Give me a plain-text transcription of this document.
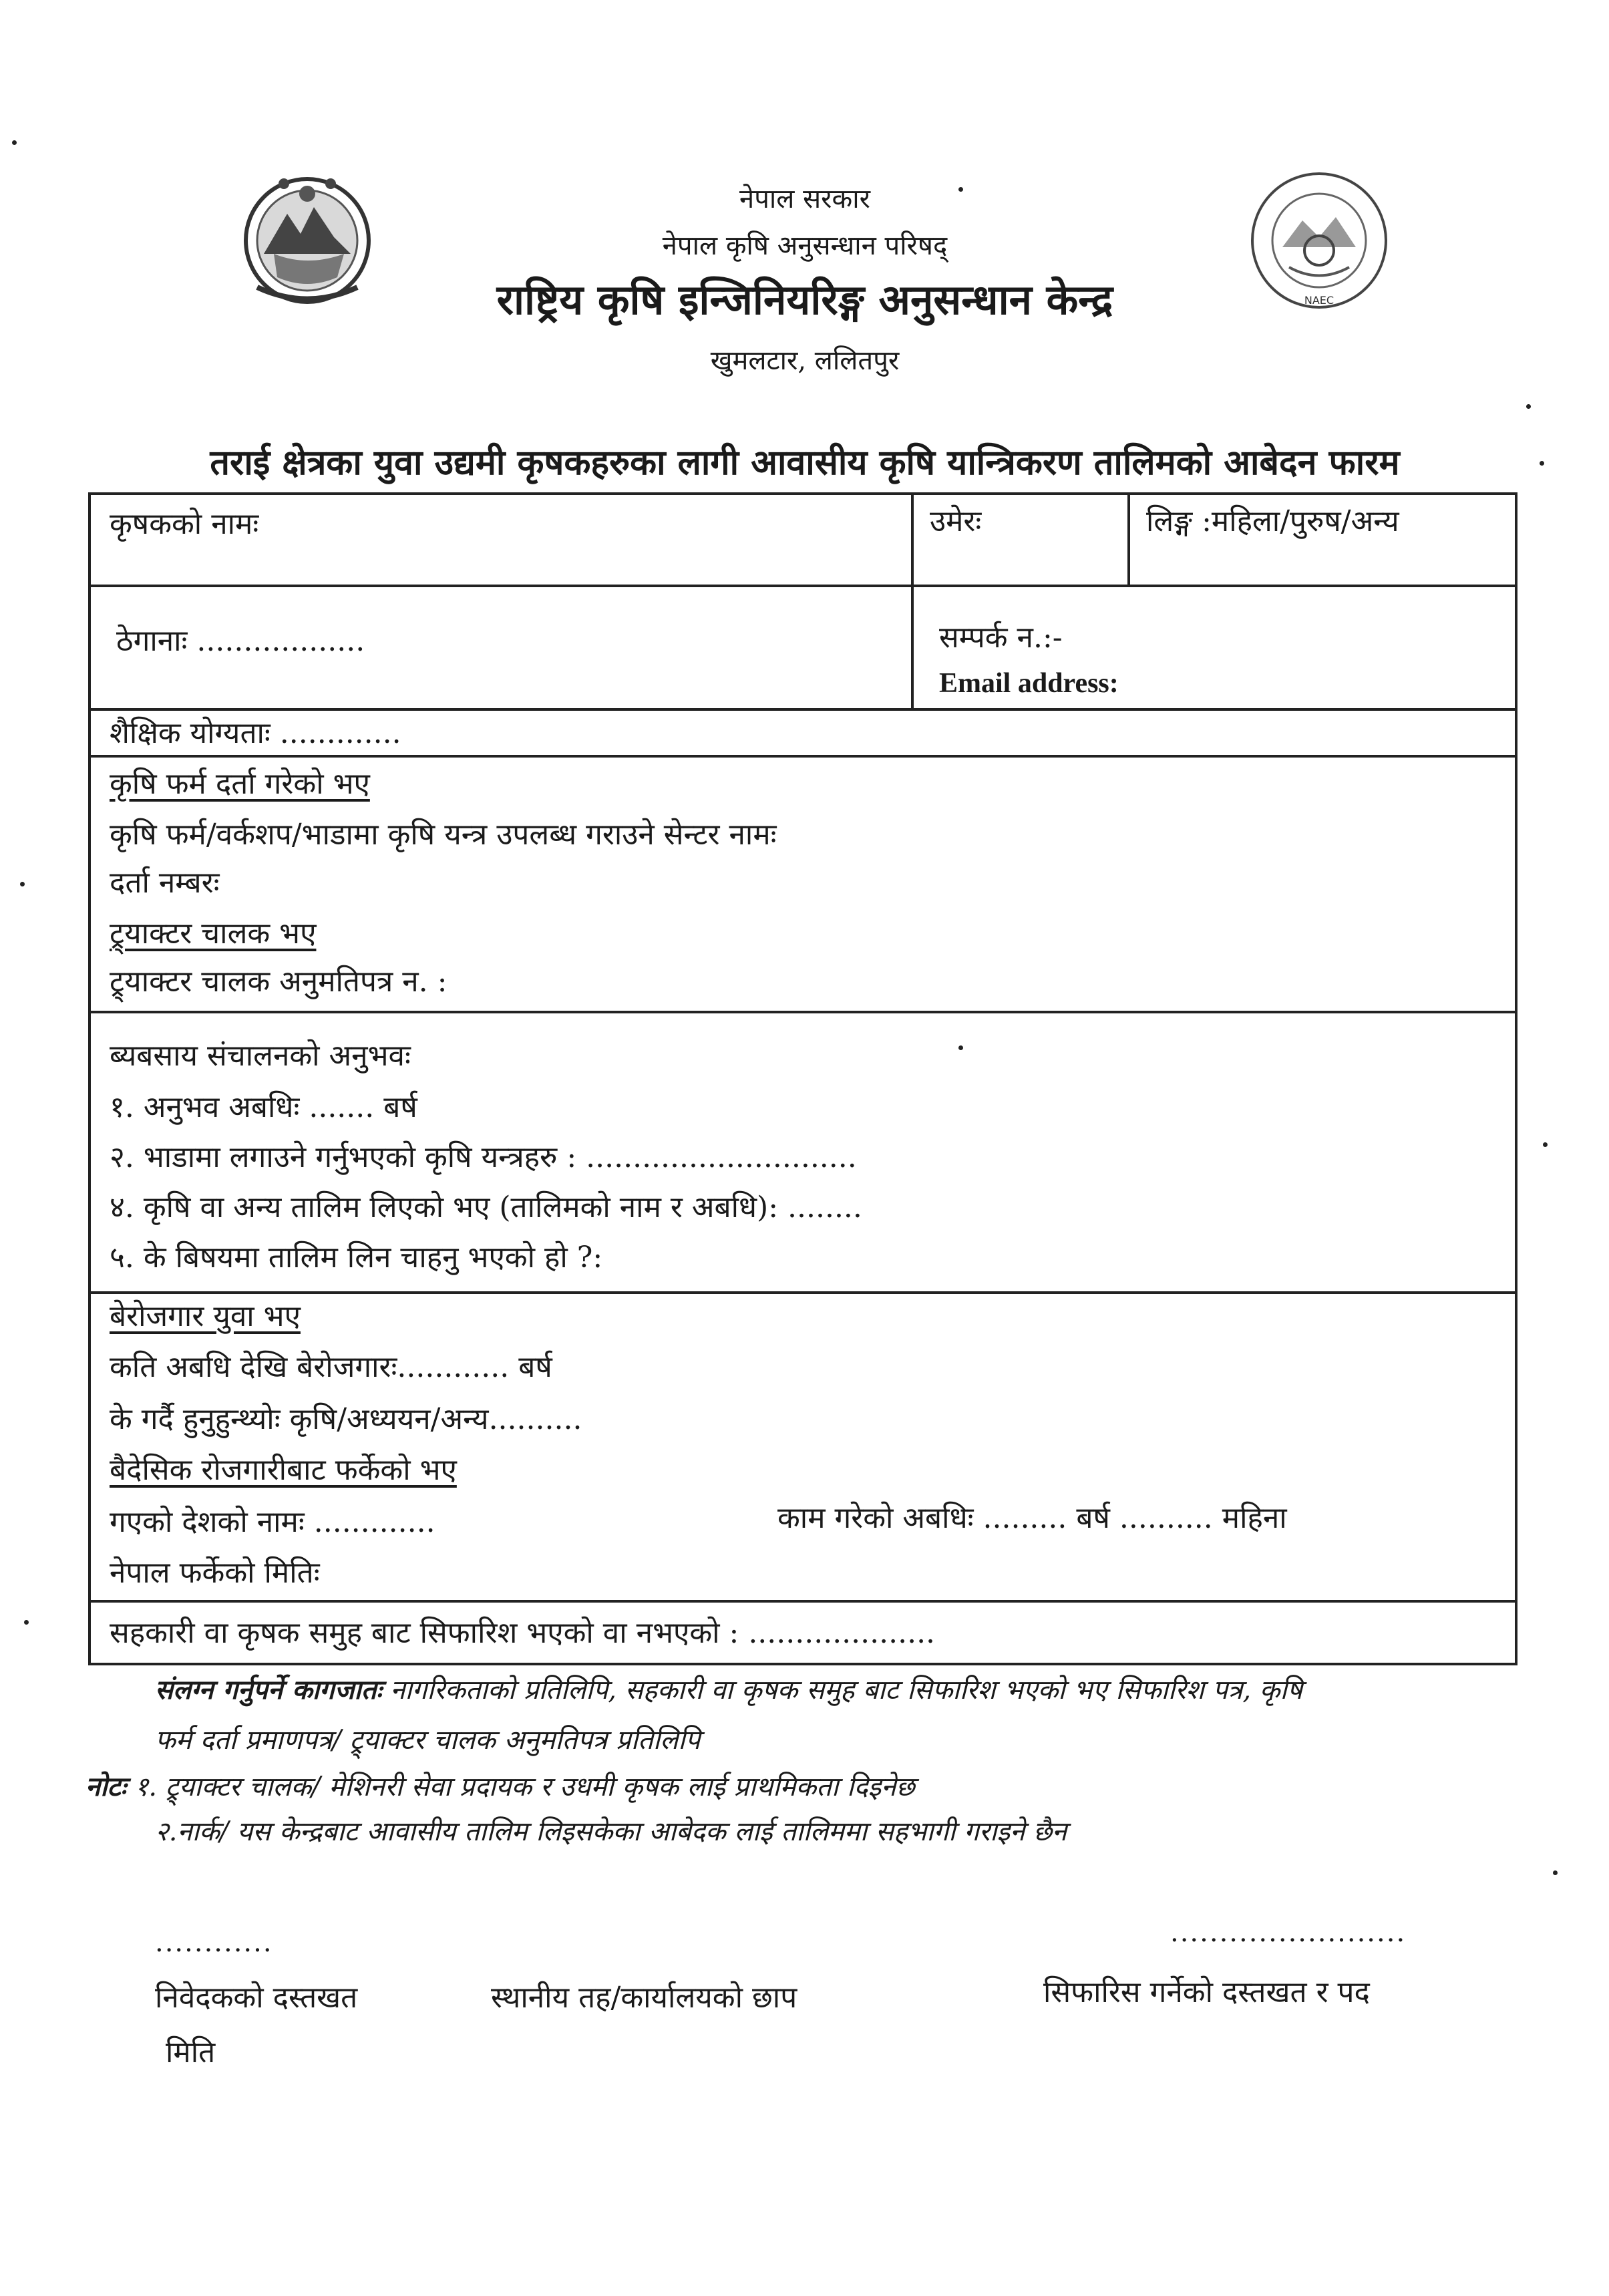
NAEC
नेपाल सरकार
नेपाल कृषि अनुसन्धान परिषद्
राष्ट्रिय कृषि इन्जिनियरिङ्ग अनुसन्धान केन्द्र
खुमलटार, ललितपुर
तराई क्षेत्रका युवा उद्यमी कृषकहरुका लागी आवासीय कृषि यान्त्रिकरण तालिमको आबेदन फारम
कृषकको नामः	उमेरः	लिङ्ग :महिला/पुरुष/अन्य
ठेगानाः ..................	सम्पर्क न.:-
Email address:
शैक्षिक योग्यताः .............
कृषि फर्म दर्ता गरेको भए
कृषि फर्म/वर्कशप/भाडामा कृषि यन्त्र उपलब्ध गराउने सेन्टर नामः
दर्ता नम्बरः
ट्र्याक्टर चालक भए
ट्र्याक्टर चालक अनुमतिपत्र न. :
ब्यबसाय संचालनको अनुभवः
१. अनुभव अबधिः ....... बर्ष
२. भाडामा लगाउने गर्नुभएको कृषि यन्त्रहरु : .............................
४. कृषि वा अन्य तालिम लिएको भए (तालिमको नाम र अबधि): ........
५. के बिषयमा तालिम लिन चाहनु भएको हो ?:
बेरोजगार युवा भए
कति अबधि देखि बेरोजगारः............ बर्ष
के गर्दै हुनुहुन्थ्योः कृषि/अध्ययन/अन्य..........
बैदेसिक रोजगारीबाट फर्केको भए
गएको देशको नामः .............	काम गरेको अबधिः ......... बर्ष .......... महिना
नेपाल फर्केको मितिः
सहकारी वा कृषक समुह बाट सिफारिश भएको वा नभएको : ....................
संलग्न गर्नुपर्ने कागजातः नागरिकताको प्रतिलिपि, सहकारी वा कृषक समुह बाट सिफारिश भएको भए सिफारिश पत्र, कृषि
फर्म दर्ता प्रमाणपत्र/ ट्र्याक्टर चालक अनुमतिपत्र प्रतिलिपि
नोटः १. ट्र्याक्टर चालक/ मेशिनरी सेवा प्रदायक र उधमी कृषक लाई प्राथमिकता दिइनेछ
२.नार्क/ यस केन्द्रबाट आवासीय तालिम लिइसकेका आबेदक लाई तालिममा सहभागी गराइने छैन
............	........................
निवेदकको दस्तखत
मिति
स्थानीय तह/कार्यालयको छाप	सिफारिस गर्नेको दस्तखत र पद
